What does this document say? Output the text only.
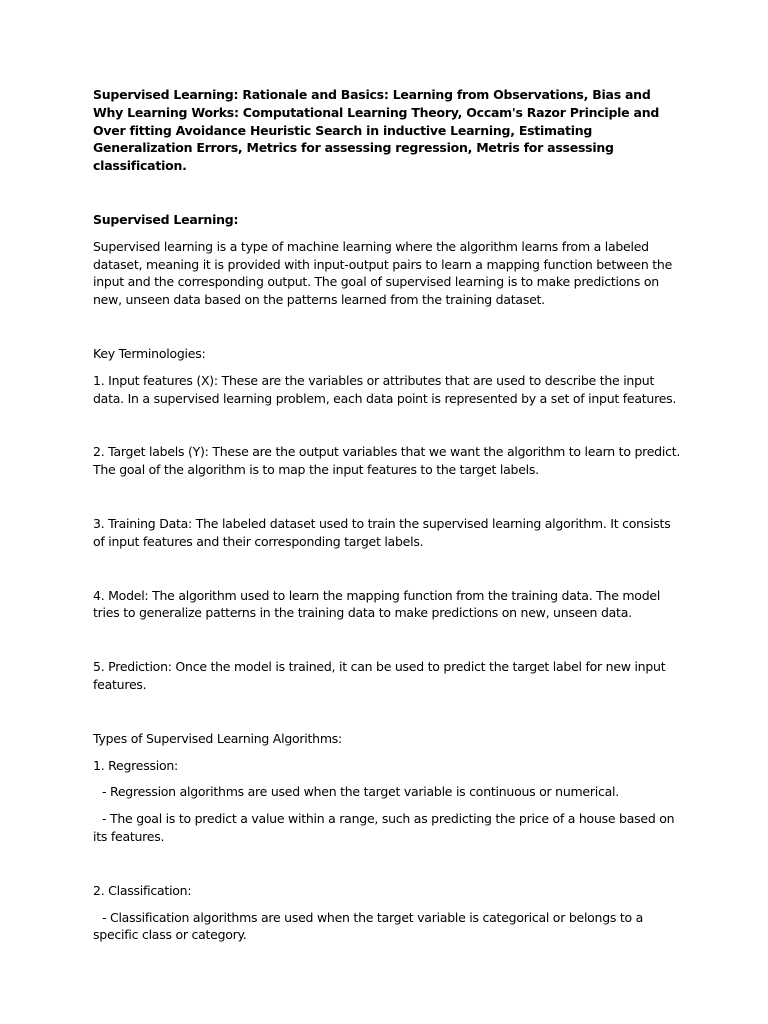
Supervised Learning: Rationale and Basics: Learning from Observations, Bias and Why Learning Works: Computational Learning Theory, Occam's Razor Principle and Over fitting Avoidance Heuristic Search in inductive Learning, Estimating Generalization Errors, Metrics for assessing regression, Metris for assessing classification.

Supervised Learning:

Supervised learning is a type of machine learning where the algorithm learns from a labeled dataset, meaning it is provided with input-output pairs to learn a mapping function between the input and the corresponding output. The goal of supervised learning is to make predictions on new, unseen data based on the patterns learned from the training dataset.

Key Terminologies:

1. Input features (X): These are the variables or attributes that are used to describe the input data. In a supervised learning problem, each data point is represented by a set of input features.

2. Target labels (Y): These are the output variables that we want the algorithm to learn to predict. The goal of the algorithm is to map the input features to the target labels.

3. Training Data: The labeled dataset used to train the supervised learning algorithm. It consists of input features and their corresponding target labels.

4. Model: The algorithm used to learn the mapping function from the training data. The model tries to generalize patterns in the training data to make predictions on new, unseen data.

5. Prediction: Once the model is trained, it can be used to predict the target label for new input features.

Types of Supervised Learning Algorithms:

1. Regression:

- Regression algorithms are used when the target variable is continuous or numerical.

- The goal is to predict a value within a range, such as predicting the price of a house based on its features.

2. Classification:

- Classification algorithms are used when the target variable is categorical or belongs to a specific class or category.
